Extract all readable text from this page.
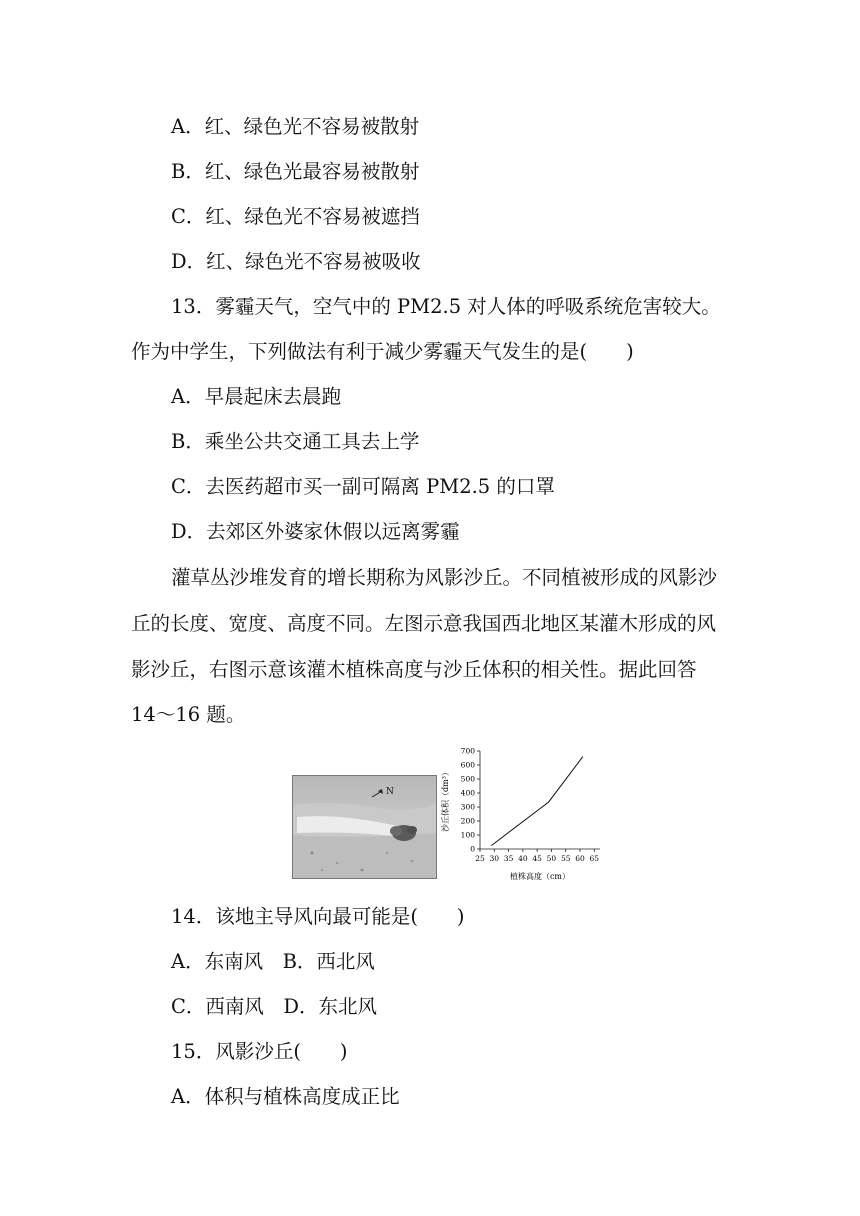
A．红、绿色光不容易被散射
B．红、绿色光最容易被散射
C．红、绿色光不容易被遮挡
D．红、绿色光不容易被吸收
13．雾霾天气，空气中的 PM2.5 对人体的呼吸系统危害较大。
作为中学生，下列做法有利于减少雾霾天气发生的是(　　)
A．早晨起床去晨跑
B．乘坐公共交通工具去上学
C．去医药超市买一副可隔离 PM2.5 的口罩
D．去郊区外婆家休假以远离雾霾
灌草丛沙堆发育的增长期称为风影沙丘。不同植被形成的风影沙
丘的长度、宽度、高度不同。左图示意我国西北地区某灌木形成的风
影沙丘，右图示意该灌木植株高度与沙丘体积的相关性。据此回答
14～16 题。
N
0
100
200
300
400
500
600
700
25 30 35 40 45 50 55 60 65
植株高度（cm）
沙丘体积（dm³）
14．该地主导风向最可能是(　　)
A．东南风　B．西北风
C．西南风　D．东北风
15．风影沙丘(　　)
A．体积与植株高度成正比
